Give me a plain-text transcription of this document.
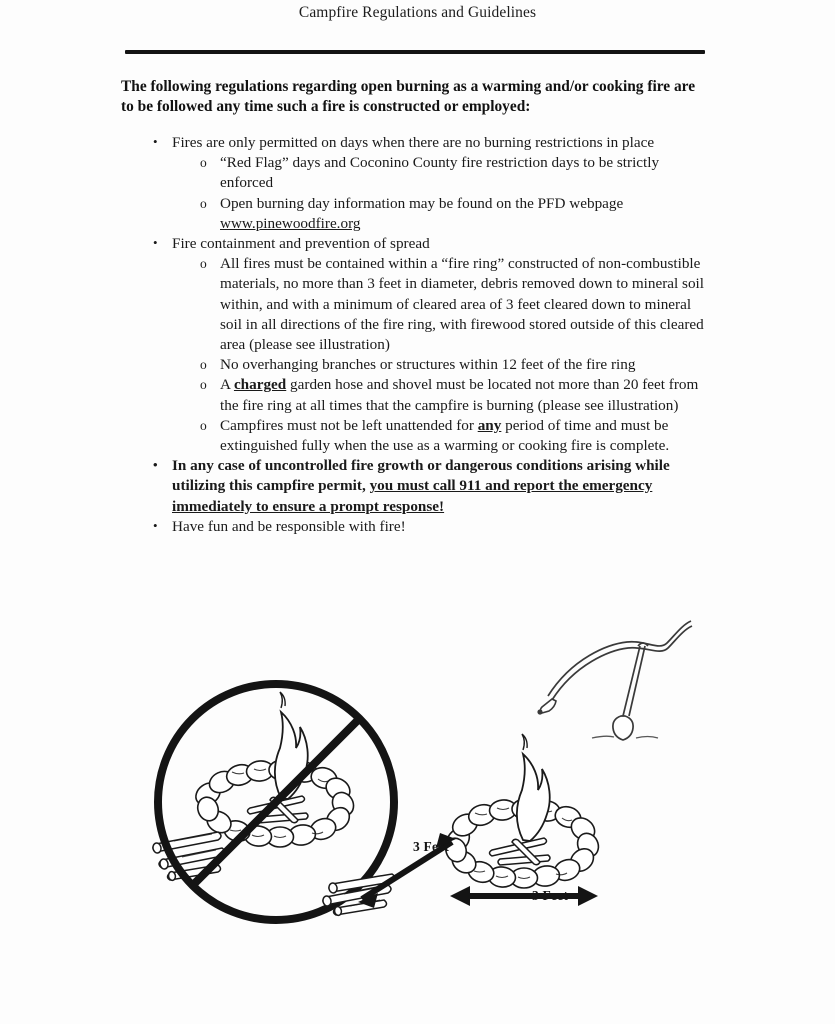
Campfire Regulations and Guidelines
The following regulations regarding open burning as a warming and/or cooking fire are to be followed any time such a fire is constructed or employed:
• Fires are only permitted on days when there are no burning restrictions in place
o “Red Flag” days and Coconino County fire restriction days to be strictly enforced
o Open burning day information may be found on the PFD webpage www.pinewoodfire.org
• Fire containment and prevention of spread
o All fires must be contained within a “fire ring” constructed of non-combustible materials, no more than 3 feet in diameter, debris removed down to mineral soil within, and with a minimum of cleared area of 3 feet cleared down to mineral soil in all directions of the fire ring, with firewood stored outside of this cleared area (please see illustration)
o No overhanging branches or structures within 12 feet of the fire ring
o A charged garden hose and shovel must be located not more than 20 feet from the fire ring at all times that the campfire is burning (please see illustration)
o Campfires must not be left unattended for any period of time and must be extinguished fully when the use as a warming or cooking fire is complete.
• In any case of uncontrolled fire growth or dangerous conditions arising while utilizing this campfire permit, you must call 911 and report the emergency immediately to ensure a prompt response!
• Have fun and be responsible with fire!
3 Feet
3 Feet
